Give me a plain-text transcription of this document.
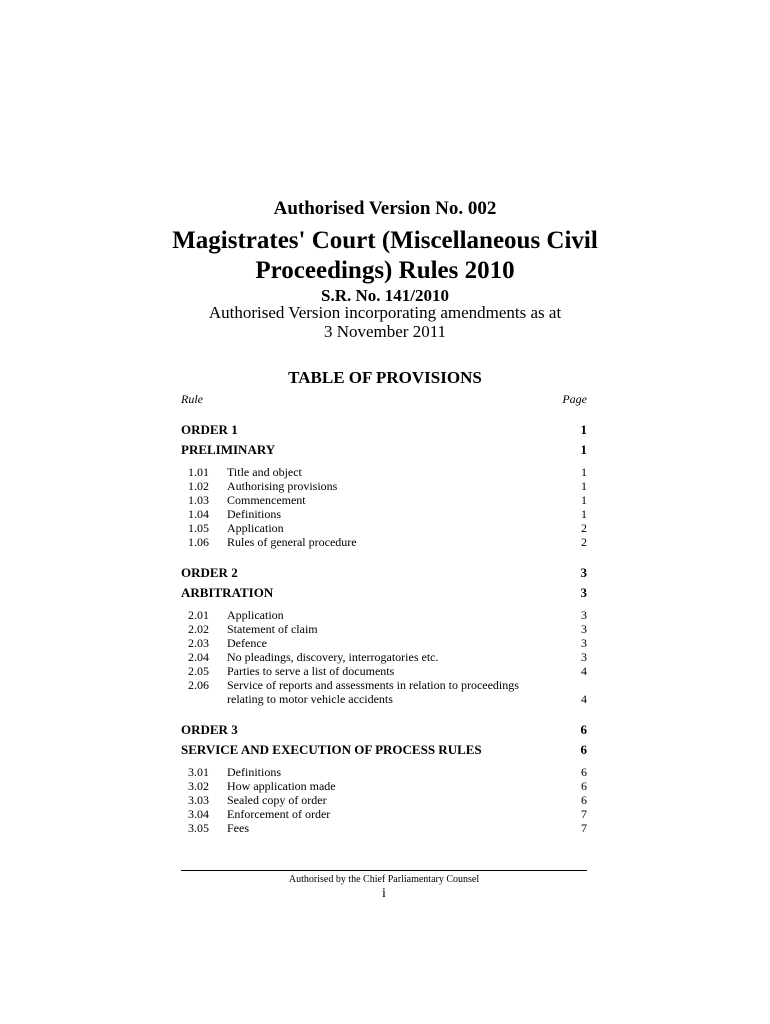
Authorised Version No. 002
Magistrates' Court (Miscellaneous Civil
Proceedings) Rules 2010
S.R. No. 141/2010
Authorised Version incorporating amendments as at
3 November 2011
TABLE OF PROVISIONS
Rule	Page
ORDER 1	1
PRELIMINARY	1
1.01	Title and object	1
1.02	Authorising provisions	1
1.03	Commencement	1
1.04	Definitions	1
1.05	Application	2
1.06	Rules of general procedure	2
ORDER 2	3
ARBITRATION	3
2.01	Application	3
2.02	Statement of claim	3
2.03	Defence	3
2.04	No pleadings, discovery, interrogatories etc.	3
2.05	Parties to serve a list of documents	4
2.06	Service of reports and assessments in relation to proceedings relating to motor vehicle accidents	4
ORDER 3	6
SERVICE AND EXECUTION OF PROCESS RULES	6
3.01	Definitions	6
3.02	How application made	6
3.03	Sealed copy of order	6
3.04	Enforcement of order	7
3.05	Fees	7
Authorised by the Chief Parliamentary Counsel
i
